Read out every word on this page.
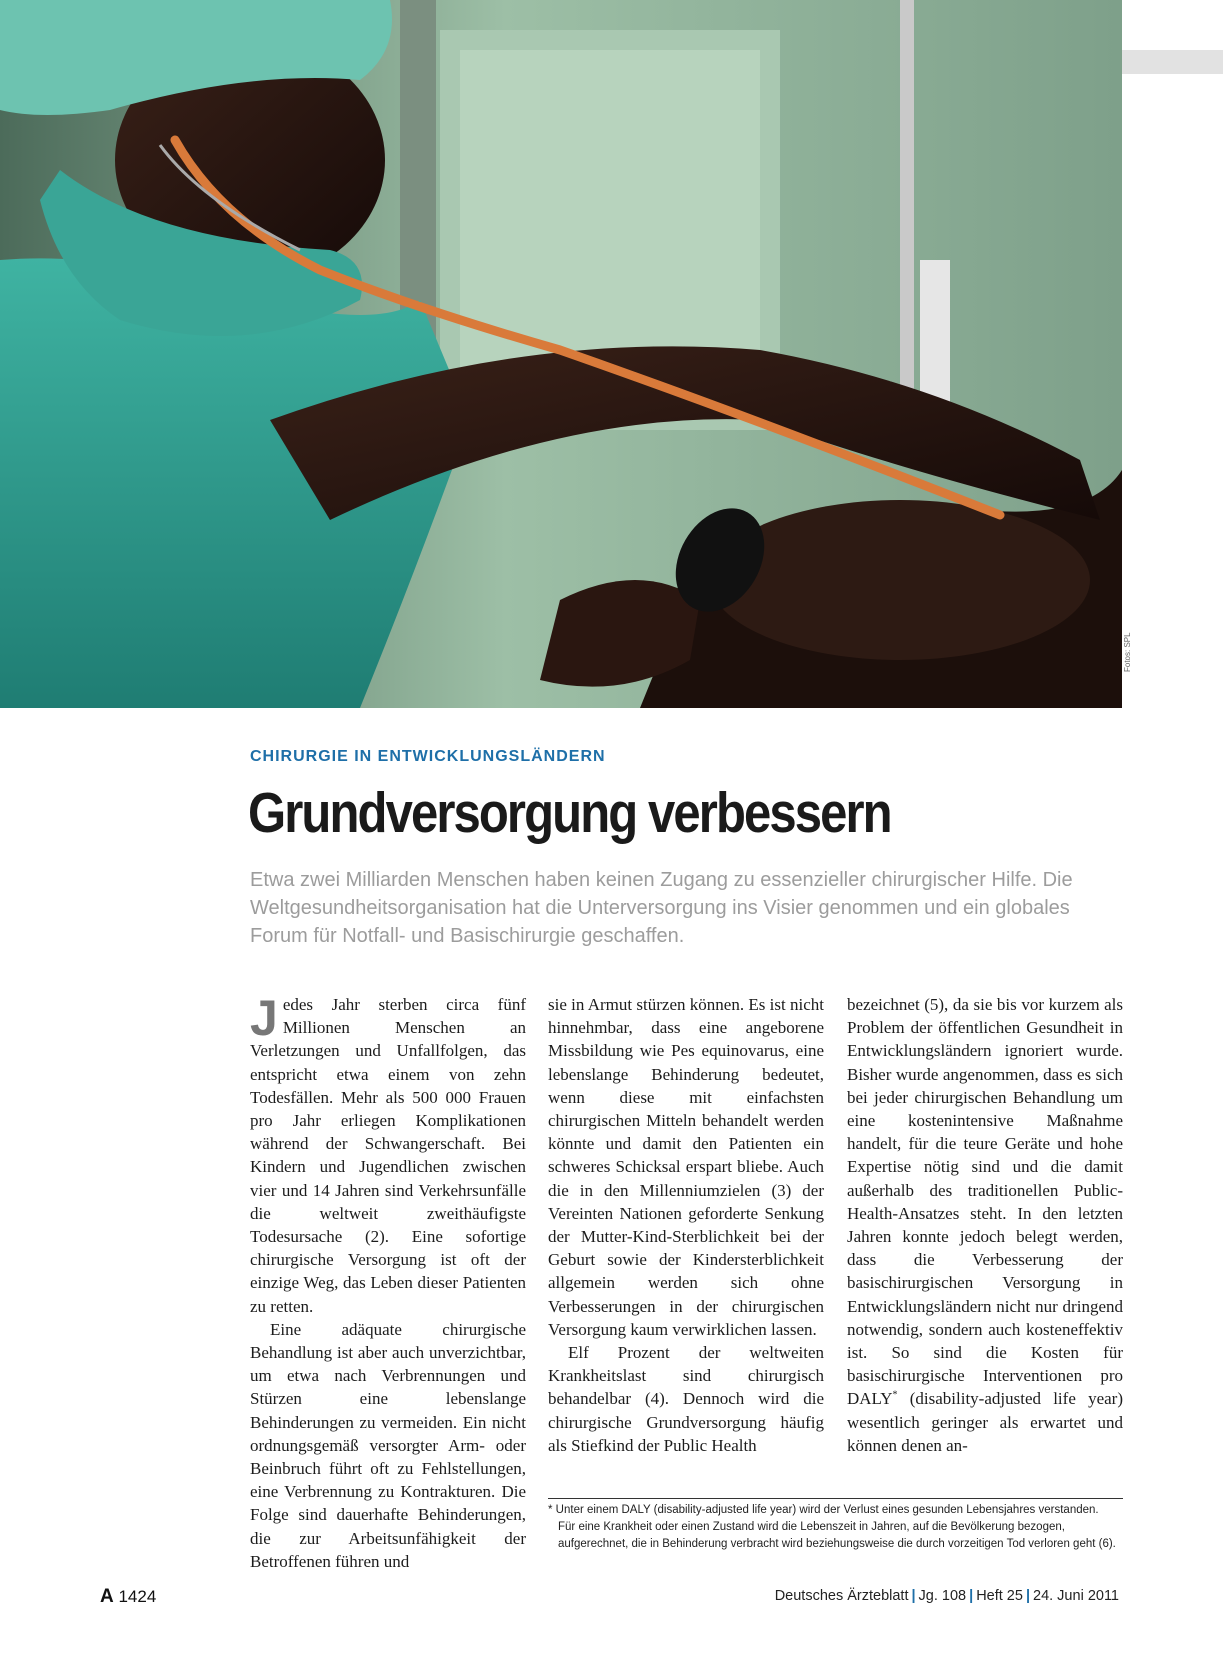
Fotos: SPL
CHIRURGIE IN ENTWICKLUNGSLÄNDERN
Grundversorgung verbessern

Etwa zwei Milliarden Menschen haben keinen Zugang zu essenzieller chirurgischer Hilfe. Die Weltgesundheitsorganisation hat die Unterversorgung ins Visier genommen und ein globales Forum für Notfall- und Basischirurgie geschaffen.

Jedes Jahr sterben circa fünf Millionen Menschen an Verletzungen und Unfallfolgen, das entspricht etwa einem von zehn Todesfällen. Mehr als 500 000 Frauen pro Jahr erliegen Komplikationen während der Schwangerschaft. Bei Kindern und Jugendlichen zwischen vier und 14 Jahren sind Verkehrsunfälle die weltweit zweithäufigste Todesursache (2). Eine sofortige chirurgische Versorgung ist oft der einzige Weg, das Leben dieser Patienten zu retten.

Eine adäquate chirurgische Behandlung ist aber auch unverzichtbar, um etwa nach Verbrennungen und Stürzen eine lebenslange Behinderungen zu vermeiden. Ein nicht ordnungsgemäß versorgter Arm- oder Beinbruch führt oft zu Fehlstellungen, eine Verbrennung zu Kontrakturen. Die Folge sind dauerhafte Behinderungen, die zur Arbeitsunfähigkeit der Betroffenen führen und

sie in Armut stürzen können. Es ist nicht hinnehmbar, dass eine angeborene Missbildung wie Pes equinovarus, eine lebenslange Behinderung bedeutet, wenn diese mit einfachsten chirurgischen Mitteln behandelt werden könnte und damit den Patienten ein schweres Schicksal erspart bliebe. Auch die in den Millenniumzielen (3) der Vereinten Nationen geforderte Senkung der Mutter-Kind-Sterblichkeit bei der Geburt sowie der Kindersterblichkeit allgemein werden sich ohne Verbesserungen in der chirurgischen Versorgung kaum verwirklichen lassen.

Elf Prozent der weltweiten Krankheitslast sind chirurgisch behandelbar (4). Dennoch wird die chirurgische Grundversorgung häufig als Stiefkind der Public Health

bezeichnet (5), da sie bis vor kurzem als Problem der öffentlichen Gesundheit in Entwicklungsländern ignoriert wurde. Bisher wurde angenommen, dass es sich bei jeder chirurgischen Behandlung um eine kostenintensive Maßnahme handelt, für die teure Geräte und hohe Expertise nötig sind und die damit außerhalb des traditionellen Public-Health-Ansatzes steht. In den letzten Jahren konnte jedoch belegt werden, dass die Verbesserung der basischirurgischen Versorgung in Entwicklungsländern nicht nur dringend notwendig, sondern auch kosteneffektiv ist. So sind die Kosten für basischirurgische Interventionen pro DALY* (disability-adjusted life year) wesentlich geringer als erwartet und können denen an-

* Unter einem DALY (disability-adjusted life year) wird der Verlust eines gesunden Lebensjahres verstanden.

Für eine Krankheit oder einen Zustand wird die Lebenszeit in Jahren, auf die Bevölkerung bezogen, aufgerechnet, die in Behinderung verbracht wird beziehungsweise die durch vorzeitigen Tod verloren geht (6).

A 1424	Deutsches Ärzteblatt | Jg. 108 | Heft 25 | 24. Juni 2011
